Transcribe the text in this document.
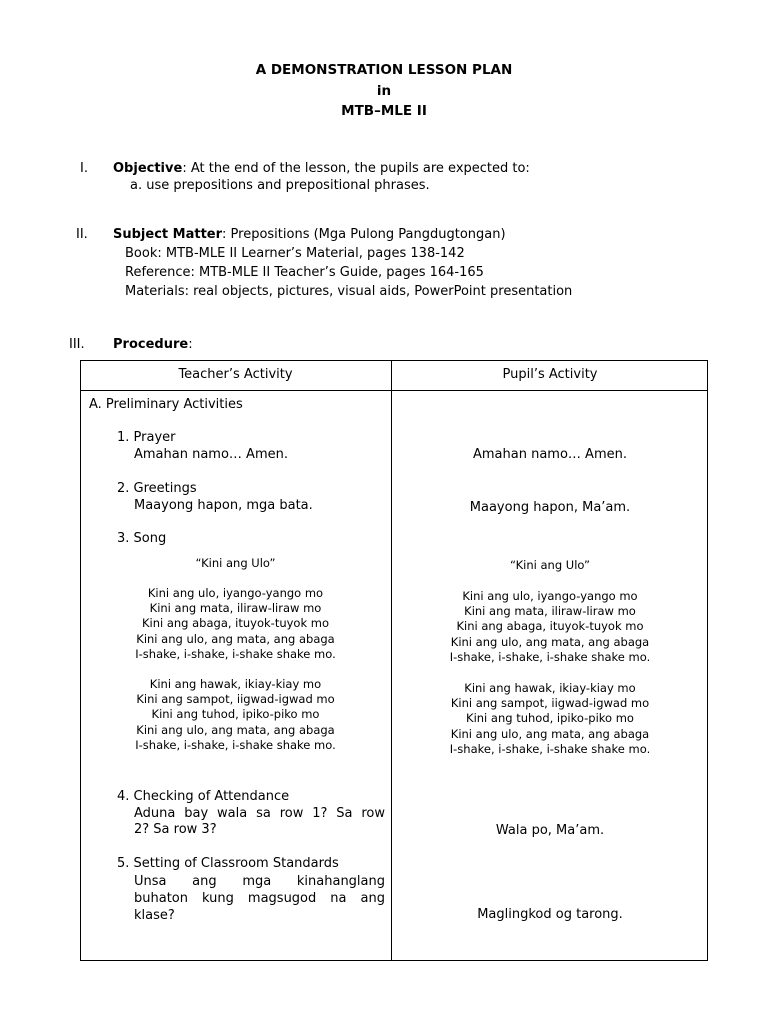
A DEMONSTRATION LESSON PLAN
in
MTB–MLE II
I. Objective: At the end of the lesson, the pupils are expected to:
a. use prepositions and prepositional phrases.
II. Subject Matter: Prepositions (Mga Pulong Pangdugtongan)
Book: MTB-MLE II Learner’s Material, pages 138-142
Reference: MTB-MLE II Teacher’s Guide, pages 164-165
Materials: real objects, pictures, visual aids, PowerPoint presentation
III. Procedure:
Teacher’s Activity	Pupil’s Activity
A. Preliminary Activities
1. Prayer
Amahan namo… Amen.
2. Greetings
Maayong hapon, mga bata.
3. Song
“Kini ang Ulo”
Kini ang ulo, iyango-yango mo
Kini ang mata, iliraw-liraw mo
Kini ang abaga, ituyok-tuyok mo
Kini ang ulo, ang mata, ang abaga
I-shake, i-shake, i-shake shake mo.
Kini ang hawak, ikiay-kiay mo
Kini ang sampot, iigwad-igwad mo
Kini ang tuhod, ipiko-piko mo
Kini ang ulo, ang mata, ang abaga
I-shake, i-shake, i-shake shake mo.
4. Checking of Attendance
Aduna bay wala sa row 1? Sa row
2? Sa row 3?
5. Setting of Classroom Standards
Unsa ang mga kinahanglang
buhaton kung magsugod na ang
klase?
Amahan namo… Amen.
Maayong hapon, Ma’am.
“Kini ang Ulo”
Kini ang ulo, iyango-yango mo
Kini ang mata, iliraw-liraw mo
Kini ang abaga, ituyok-tuyok mo
Kini ang ulo, ang mata, ang abaga
I-shake, i-shake, i-shake shake mo.
Kini ang hawak, ikiay-kiay mo
Kini ang sampot, iigwad-igwad mo
Kini ang tuhod, ipiko-piko mo
Kini ang ulo, ang mata, ang abaga
I-shake, i-shake, i-shake shake mo.
Wala po, Ma’am.
Maglingkod og tarong.
